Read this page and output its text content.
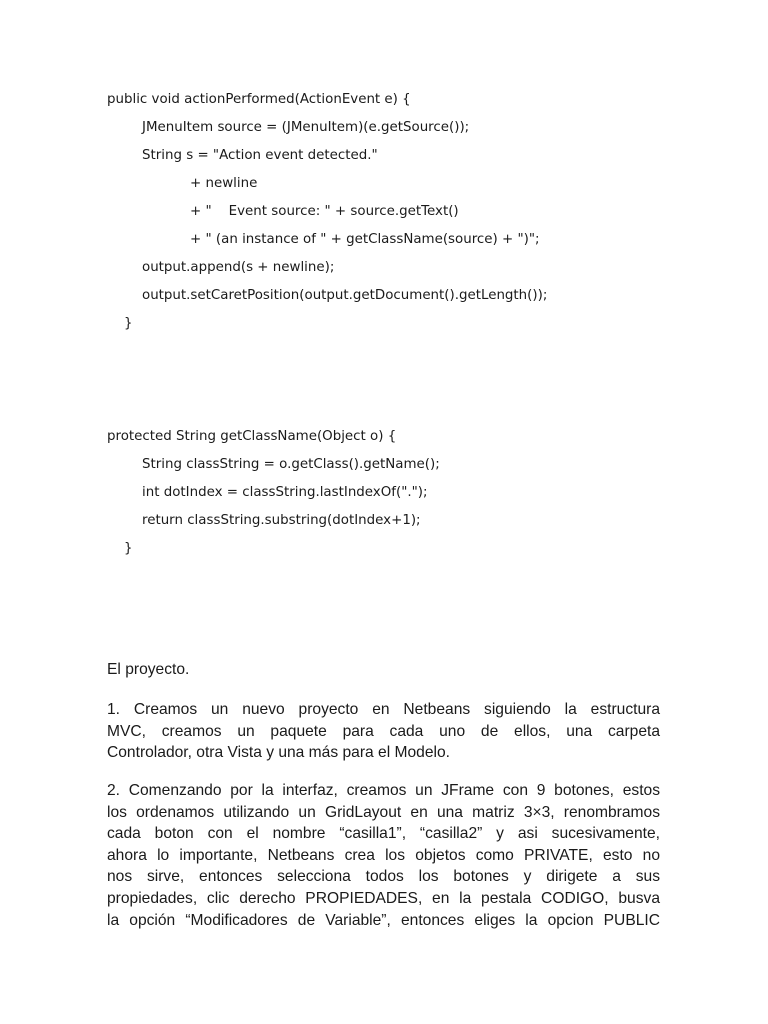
public void actionPerformed(ActionEvent e) {
JMenuItem source = (JMenuItem)(e.getSource());
String s = "Action event detected."
+ newline
+ "    Event source: " + source.getText()
+ " (an instance of " + getClassName(source) + ")";
output.append(s + newline);
output.setCaretPosition(output.getDocument().getLength());
}
protected String getClassName(Object o) {
String classString = o.getClass().getName();
int dotIndex = classString.lastIndexOf(".");
return classString.substring(dotIndex+1);
}
El proyecto.
1. Creamos un nuevo proyecto en Netbeans siguiendo la estructura
MVC, creamos un paquete para cada uno de ellos, una carpeta
Controlador, otra Vista y una más para el Modelo.
2. Comenzando por la interfaz, creamos un JFrame con 9 botones, estos
los ordenamos utilizando un GridLayout en una matriz 3×3, renombramos
cada boton con el nombre “casilla1”, “casilla2” y asi sucesivamente,
ahora lo importante, Netbeans crea los objetos como PRIVATE, esto no
nos sirve, entonces selecciona todos los botones y dirigete a sus
propiedades, clic derecho PROPIEDADES, en la pestala CODIGO, busva
la opción “Modificadores de Variable”, entonces eliges la opcion PUBLIC
